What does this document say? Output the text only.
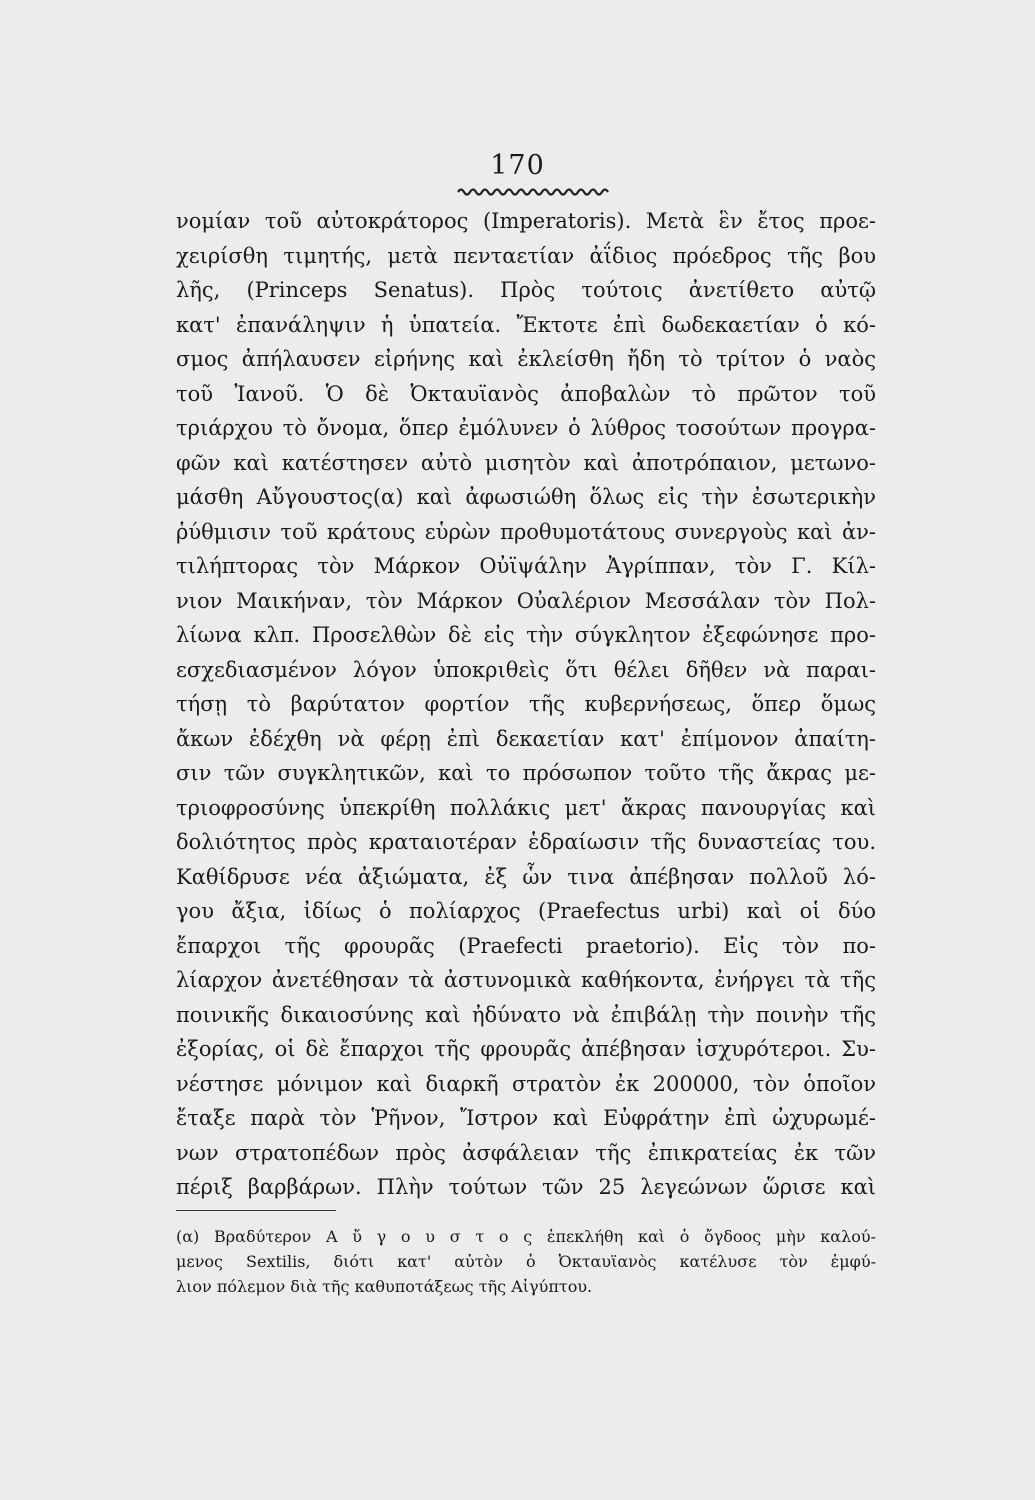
170
νομίαν τοῦ αὐτοκράτορος (Imperatoris). Μετὰ ἓν ἔτος προε-
χειρίσθη τιμητής, μετὰ πενταετίαν ἀΐδιος πρόεδρος τῆς βου
λῆς, (Princeps Senatus). Πρὸς τούτοις ἀνετίθετο αὐτῷ
κατ' ἐπανάληψιν ἡ ὑπατεία. Ἔκτοτε ἐπὶ δωδεκαετίαν ὁ κό-
σμος ἀπήλαυσεν εἰρήνης καὶ ἐκλείσθη ἤδη τὸ τρίτον ὁ ναὸς
τοῦ Ἰανοῦ. Ὁ δὲ Ὀκταυϊανὸς ἀποβαλὼν τὸ πρῶτον τοῦ
τριάρχου τὸ ὄνομα, ὅπερ ἐμόλυνεν ὁ λύθρος τοσούτων προγρα-
φῶν καὶ κατέστησεν αὐτὸ μισητὸν καὶ ἀποτρόπαιον, μετωνο-
μάσθη Αὔγουστος(α) καὶ ἀφωσιώθη ὅλως εἰς τὴν ἐσωτερικὴν
ῥύθμισιν τοῦ κράτους εὑρὼν προθυμοτάτους συνεργοὺς καὶ ἀν-
τιλήπτορας τὸν Μάρκον Οὐϊψάλην Ἀγρίππαν, τὸν Γ. Κίλ-
νιον Μαικήναν, τὸν Μάρκον Οὐαλέριον Μεσσάλαν τὸν Πολ-
λίωνα κλπ. Προσελθὼν δὲ εἰς τὴν σύγκλητον ἐξεφώνησε προ-
εσχεδιασμένον λόγον ὑποκριθεὶς ὅτι θέλει δῆθεν νὰ παραι-
τήσῃ τὸ βαρύτατον φορτίον τῆς κυβερνήσεως, ὅπερ ὅμως
ἄκων ἐδέχθη νὰ φέρῃ ἐπὶ δεκαετίαν κατ' ἐπίμονον ἀπαίτη-
σιν τῶν συγκλητικῶν, καὶ το πρόσωπον τοῦτο τῆς ἄκρας με-
τριοφροσύνης ὑπεκρίθη πολλάκις μετ' ἄκρας πανουργίας καὶ
δολιότητος πρὸς κραταιοτέραν ἑδραίωσιν τῆς δυναστείας του.
Καθίδρυσε νέα ἀξιώματα, ἐξ ὧν τινα ἀπέβησαν πολλοῦ λό-
γου ἄξια, ἰδίως ὁ πολίαρχος (Praefectus urbi) καὶ οἱ δύο
ἔπαρχοι τῆς φρουρᾶς (Praefecti praetorio). Εἰς τὸν πο-
λίαρχον ἀνετέθησαν τὰ ἀστυνομικὰ καθήκοντα, ἐνήργει τὰ τῆς
ποινικῆς δικαιοσύνης καὶ ἠδύνατο νὰ ἐπιβάλῃ τὴν ποινὴν τῆς
ἐξορίας, οἱ δὲ ἔπαρχοι τῆς φρουρᾶς ἀπέβησαν ἰσχυρότεροι. Συ-
νέστησε μόνιμον καὶ διαρκῆ στρατὸν ἐκ 200000, τὸν ὁποῖον
ἔταξε παρὰ τὸν Ῥῆνον, Ἴστρον καὶ Εὐφράτην ἐπὶ ὠχυρωμέ-
νων στρατοπέδων πρὸς ἀσφάλειαν τῆς ἐπικρατείας ἐκ τῶν
πέριξ βαρβάρων. Πλὴν τούτων τῶν 25 λεγεώνων ὥρισε καὶ
(α) Βραδύτερον Α ὔ γ ο υ σ τ ο ς ἐπεκλήθη καὶ ὁ ὄγδοος μὴν καλού-
μενος Sextilis, διότι κατ' αὐτὸν ὁ Ὀκταυϊανὸς κατέλυσε τὸν ἐμφύ-
λιον πόλεμον διὰ τῆς καθυποτάξεως τῆς Αἰγύπτου.
